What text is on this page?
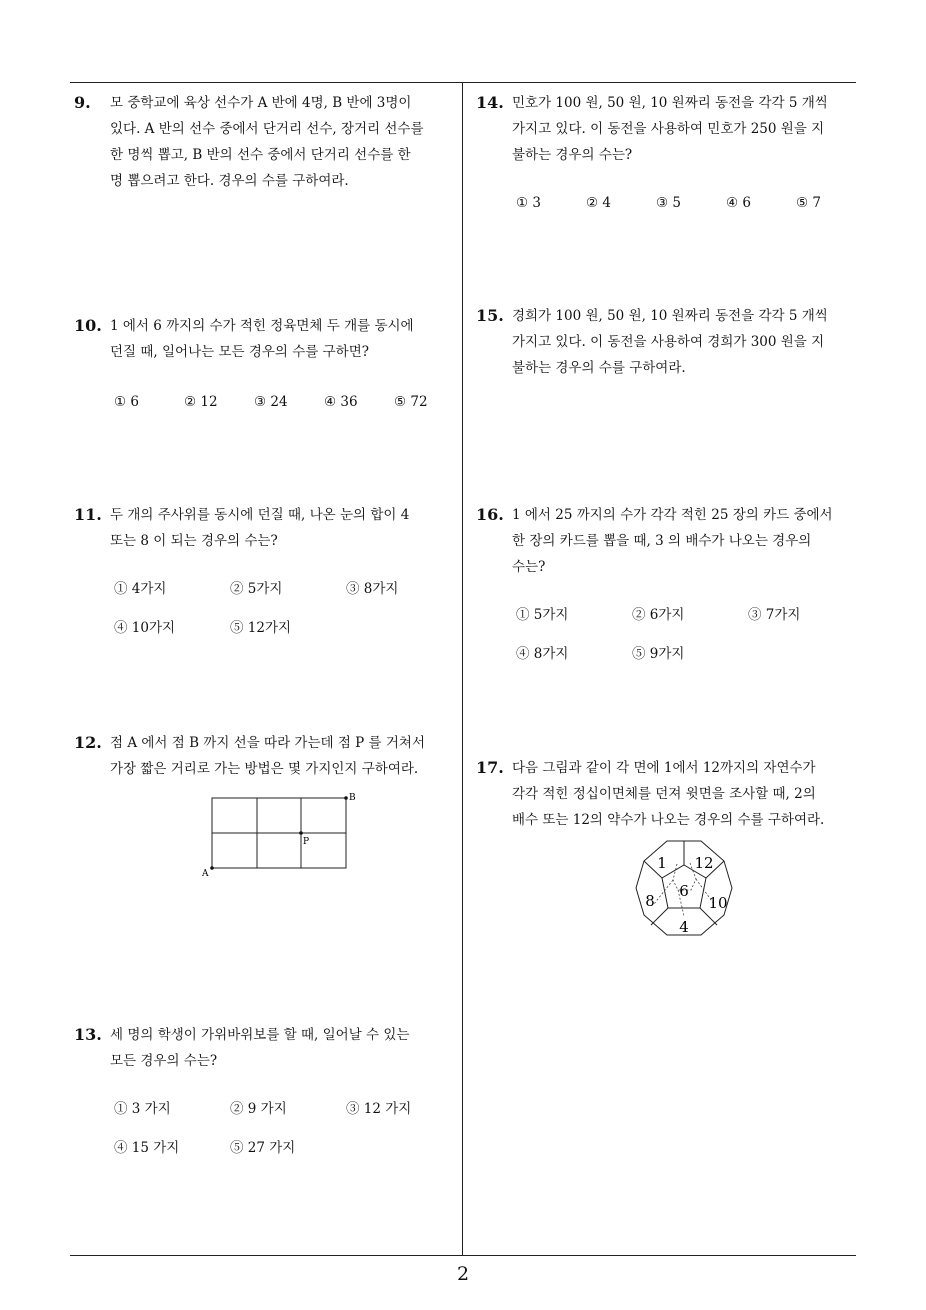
2
9. 모 중학교에 육상 선수가 A 반에 4명, B 반에 3명이
있다. A 반의 선수 중에서 단거리 선수, 장거리 선수를
한 명씩 뽑고, B 반의 선수 중에서 단거리 선수를 한
명 뽑으려고 한다. 경우의 수를 구하여라.
10. 1 에서 6 까지의 수가 적힌 정육면체 두 개를 동시에
던질 때, 일어나는 모든 경우의 수를 구하면?
① 6	② 12	③ 24	④ 36	⑤ 72
11. 두 개의 주사위를 동시에 던질 때, 나온 눈의 합이 4
또는 8 이 되는 경우의 수는?
① 4가지	② 5가지	③ 8가지
④ 10가지	⑤ 12가지
12. 점 A 에서 점 B 까지 선을 따라 가는데 점 P 를 거쳐서
가장 짧은 거리로 가는 방법은 몇 가지인지 구하여라.
A
B
P
13. 세 명의 학생이 가위바위보를 할 때, 일어날 수 있는
모든 경우의 수는?
① 3 가지	② 9 가지	③ 12 가지
④ 15 가지	⑤ 27 가지
14. 민호가 100 원, 50 원, 10 원짜리 동전을 각각 5 개씩
가지고 있다. 이 동전을 사용하여 민호가 250 원을 지
불하는 경우의 수는?
① 3	② 4	③ 5	④ 6	⑤ 7
15. 경희가 100 원, 50 원, 10 원짜리 동전을 각각 5 개씩
가지고 있다. 이 동전을 사용하여 경희가 300 원을 지
불하는 경우의 수를 구하여라.
16. 1 에서 25 까지의 수가 각각 적힌 25 장의 카드 중에서
한 장의 카드를 뽑을 때, 3 의 배수가 나오는 경우의
수는?
① 5가지	② 6가지	③ 7가지
④ 8가지	⑤ 9가지
17. 다음 그림과 같이 각 면에 1에서 12까지의 자연수가
각각 적힌 정십이면체를 던져 윗면을 조사할 때, 2의
배수 또는 12의 약수가 나오는 경우의 수를 구하여라.
6
1 12
8	10
4
